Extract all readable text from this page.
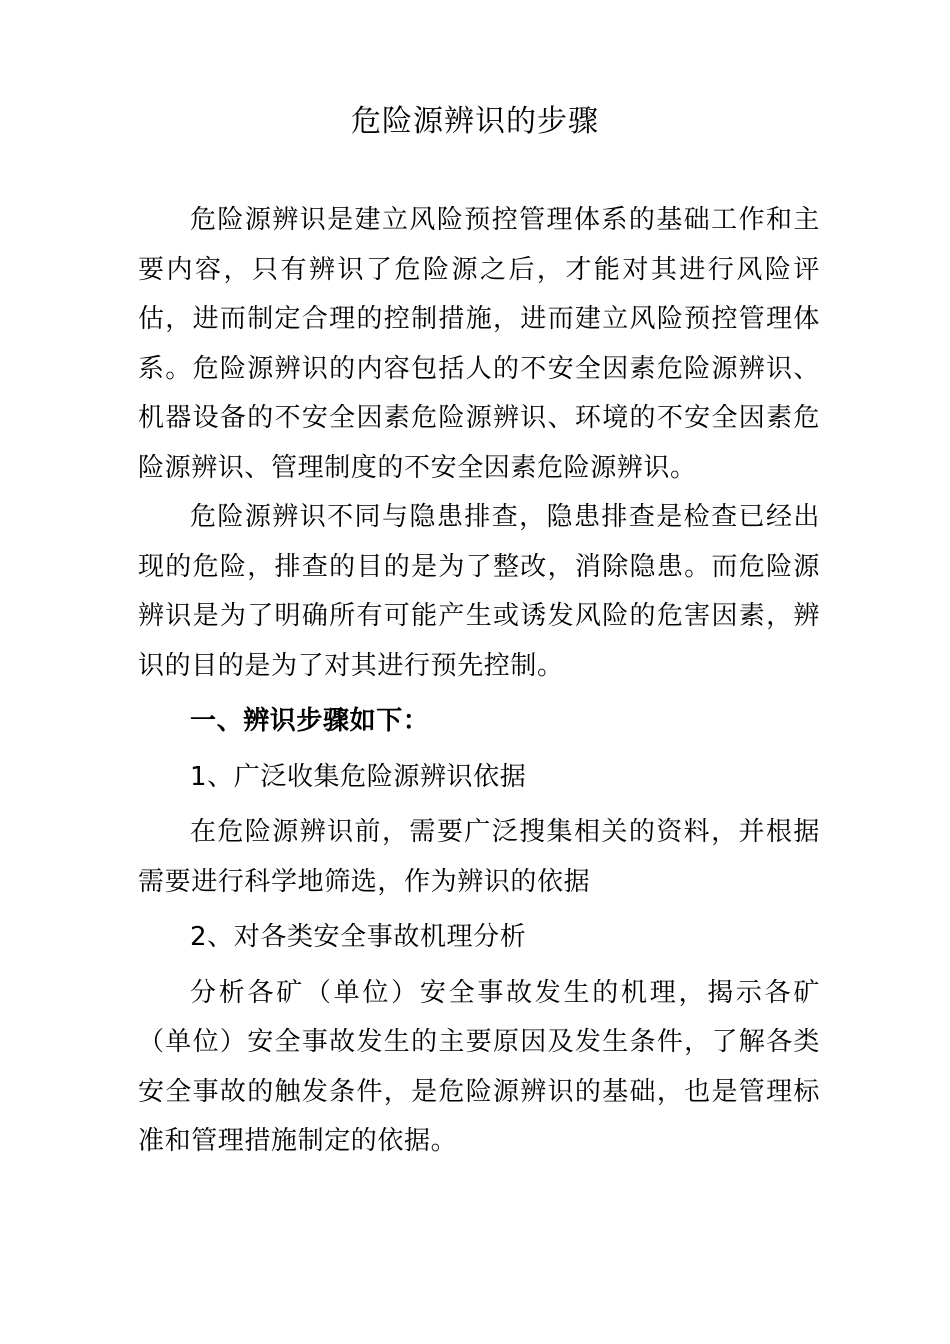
危险源辨识的步骤

危险源辨识是建立风险预控管理体系的基础工作和主要内容，只有辨识了危险源之后，才能对其进行风险评估，进而制定合理的控制措施，进而建立风险预控管理体系。危险源辨识的内容包括人的不安全因素危险源辨识、机器设备的不安全因素危险源辨识、环境的不安全因素危险源辨识、管理制度的不安全因素危险源辨识。

危险源辨识不同与隐患排查，隐患排查是检查已经出现的危险，排查的目的是为了整改，消除隐患。而危险源辨识是为了明确所有可能产生或诱发风险的危害因素，辨识的目的是为了对其进行预先控制。

一、辨识步骤如下：

1、广泛收集危险源辨识依据

在危险源辨识前，需要广泛搜集相关的资料，并根据需要进行科学地筛选，作为辨识的依据

2、对各类安全事故机理分析

分析各矿（单位）安全事故发生的机理，揭示各矿（单位）安全事故发生的主要原因及发生条件，了解各类安全事故的触发条件，是危险源辨识的基础，也是管理标准和管理措施制定的依据。
